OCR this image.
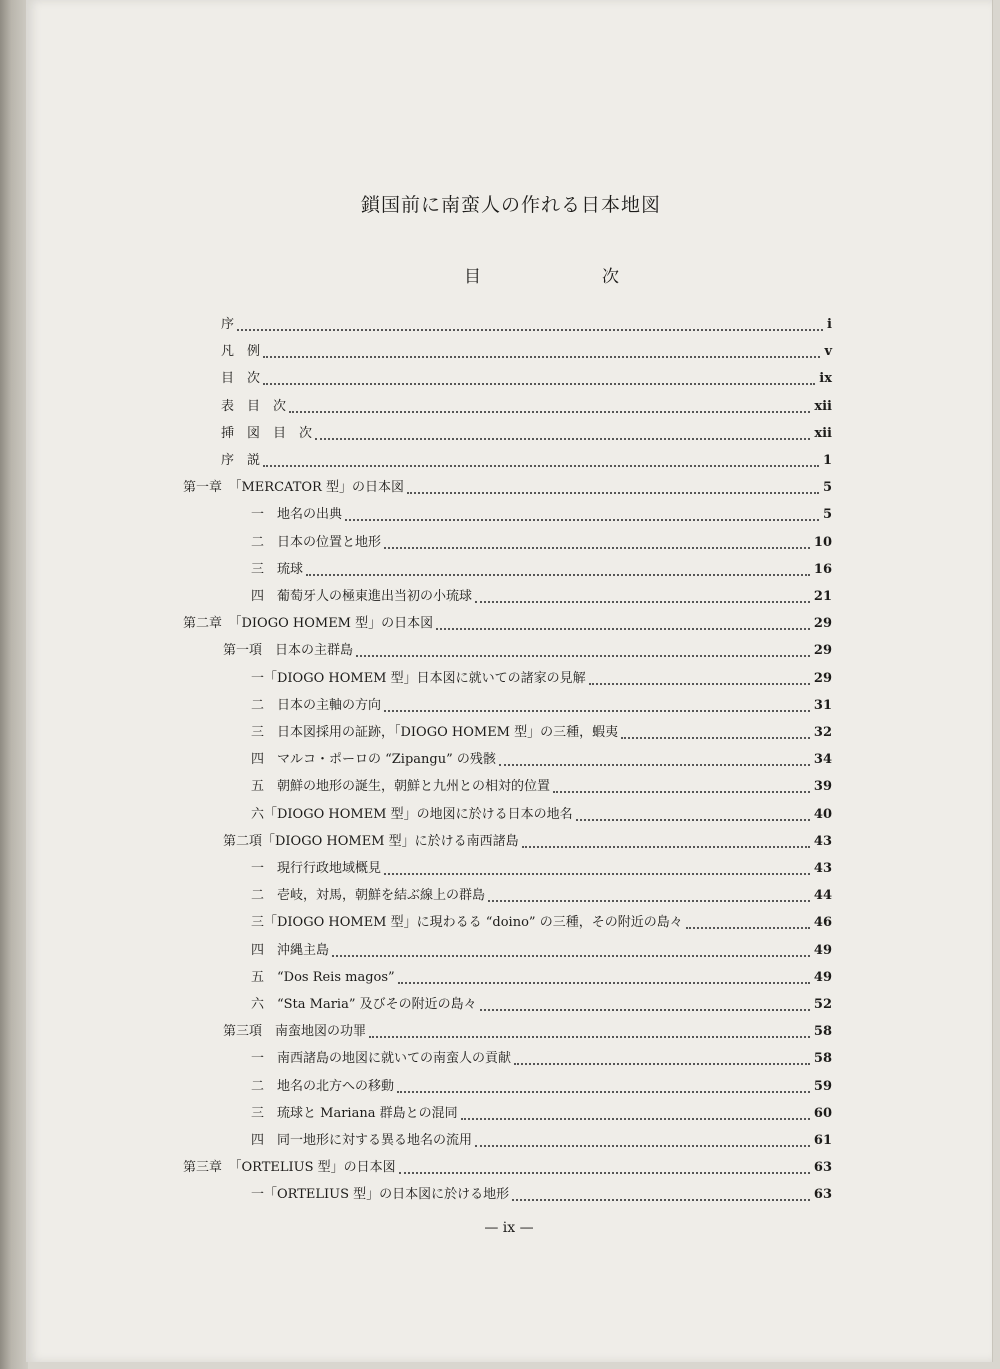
鎖国前に南蛮人の作れる日本地図
目　次
序	i
凡　例	v
目　次	ix
表　目　次	xii
挿　図　目　次	xii
序　説	1
第一章　「MERCATOR 型」の日本図	5
一　地名の出典	5
二　日本の位置と地形	10
三　琉球	16
四　葡萄牙人の極東進出当初の小琉球	21
第二章　「DIOGO HOMEM 型」の日本図	29
第一項　日本の主群島	29
一「DIOGO HOMEM 型」日本図に就いての諸家の見解	29
二　日本の主軸の方向	31
三　日本図採用の証跡，「DIOGO HOMEM 型」の三種，蝦夷	32
四　マルコ・ポーロの “Zipangu” の残骸	34
五　朝鮮の地形の誕生，朝鮮と九州との相対的位置	39
六「DIOGO HOMEM 型」の地図に於ける日本の地名	40
第二項「DIOGO HOMEM 型」に於ける南西諸島	43
一　現行行政地域概見	43
二　壱岐，対馬，朝鮮を結ぶ線上の群島	44
三「DIOGO HOMEM 型」に現わるる “doino” の三種，その附近の島々	46
四　沖縄主島	49
五　“Dos Reis magos”	49
六　“Sta Maria” 及びその附近の島々	52
第三項　南蛮地図の功罪	58
一　南西諸島の地図に就いての南蛮人の貢献	58
二　地名の北方への移動	59
三　琉球と Mariana 群島との混同	60
四　同一地形に対する異る地名の流用	61
第三章　「ORTELIUS 型」の日本図	63
一「ORTELIUS 型」の日本図に於ける地形	63
— ix —
